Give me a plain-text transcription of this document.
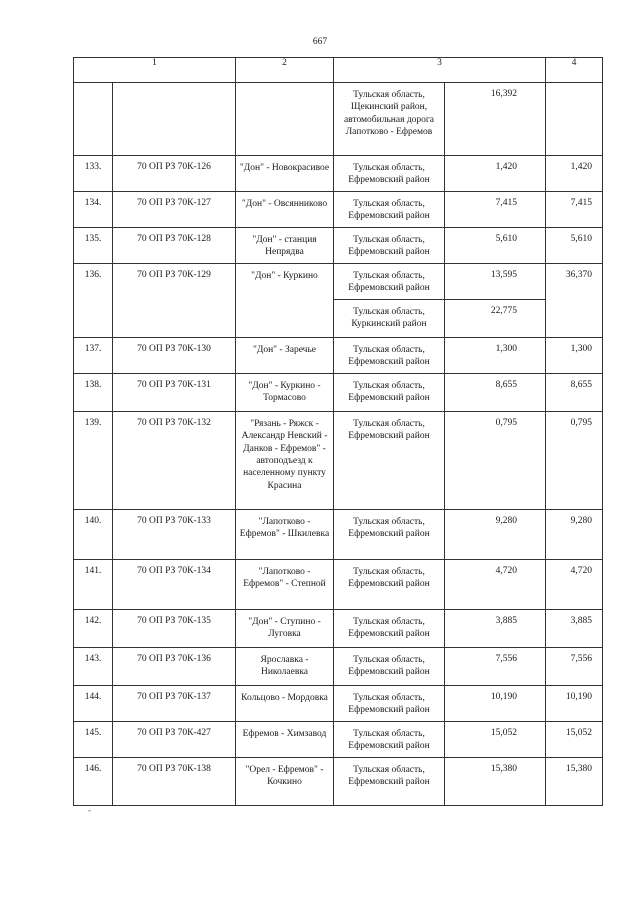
667
1		2	3		4
			Тульская область, Щекинский район, автомобильная дорога Лапотково - Ефремов	16,392	
133.	70 ОП РЗ 70К-126	"Дон" - Новокрасивое	Тульская область, Ефремовский район	1,420	1,420
134.	70 ОП РЗ 70К-127	"Дон" - Овсянниково	Тульская область, Ефремовский район	7,415	7,415
135.	70 ОП РЗ 70К-128	"Дон" - станция Непрядва	Тульская область, Ефремовский район	5,610	5,610
136.	70 ОП РЗ 70К-129	"Дон" - Куркино	Тульская область, Ефремовский район	13,595	36,370
			Тульская область, Куркинский район	22,775	
137.	70 ОП РЗ 70К-130	"Дон" - Заречье	Тульская область, Ефремовский район	1,300	1,300
138.	70 ОП РЗ 70К-131	"Дон" - Куркино - Тормасово	Тульская область, Ефремовский район	8,655	8,655
139.	70 ОП РЗ 70К-132	"Рязань - Ряжск - Александр Невский - Данков - Ефремов" - автоподъезд к населенному пункту Красина	Тульская область, Ефремовский район	0,795	0,795
140.	70 ОП РЗ 70К-133	"Лапотково - Ефремов" - Шкилевка	Тульская область, Ефремовский район	9,280	9,280
141.	70 ОП РЗ 70К-134	"Лапотково - Ефремов" - Степной	Тульская область, Ефремовский район	4,720	4,720
142.	70 ОП РЗ 70К-135	"Дон" - Ступино - Луговка	Тульская область, Ефремовский район	3,885	3,885
143.	70 ОП РЗ 70К-136	Ярославка - Николаевка	Тульская область, Ефремовский район	7,556	7,556
144.	70 ОП РЗ 70К-137	Кольцово - Мордовка	Тульская область, Ефремовский район	10,190	10,190
145.	70 ОП РЗ 70К-427	Ефремов - Химзавод	Тульская область, Ефремовский район	15,052	15,052
146.	70 ОП РЗ 70К-138	"Орел - Ефремов" - Кочкино	Тульская область, Ефремовский район	15,380	15,380
-
